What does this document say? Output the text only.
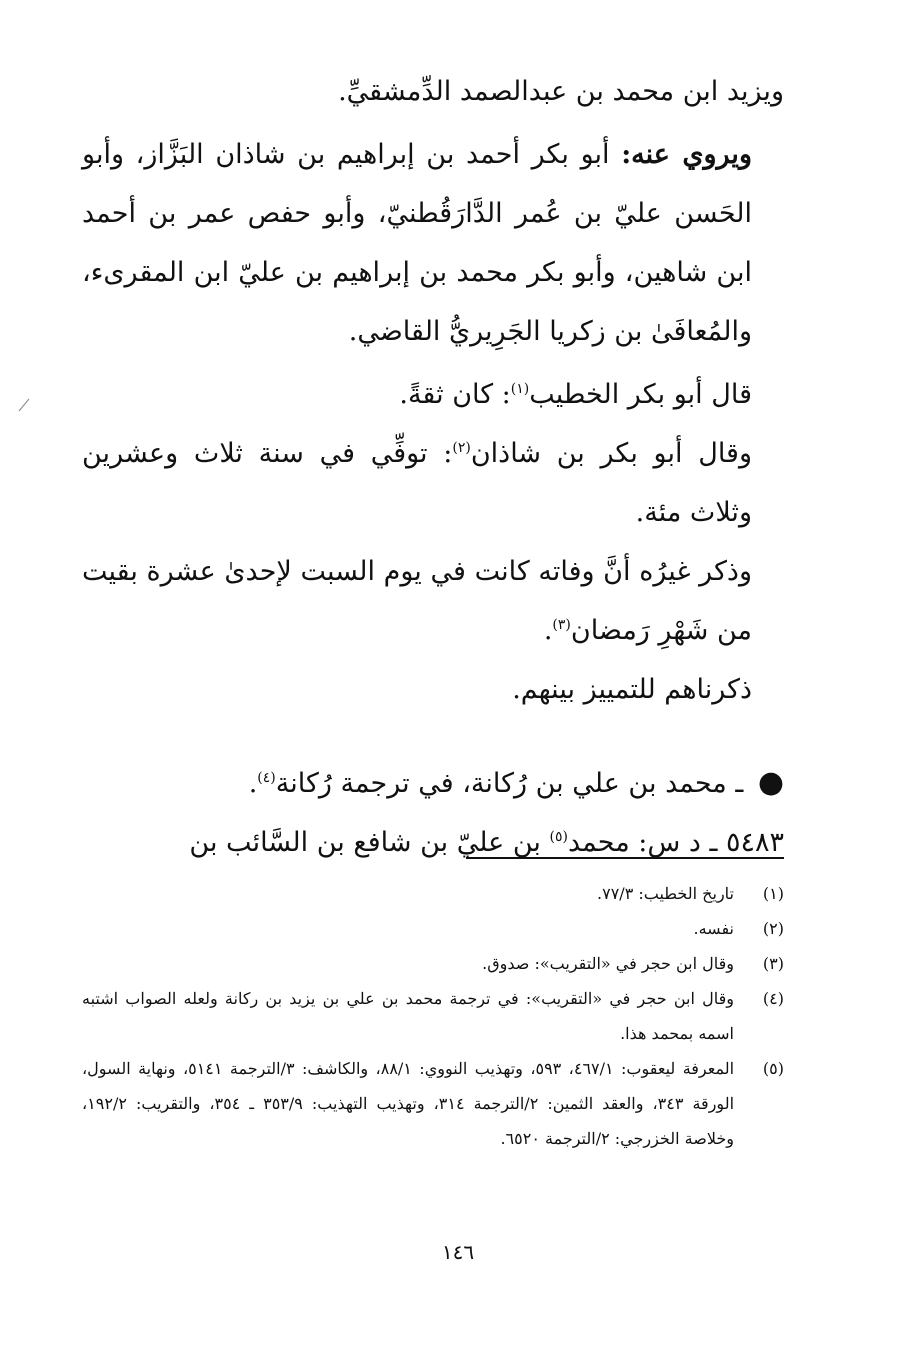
ويزيد ابن محمد بن عبدالصمد الدِّمشقيِّ.

ويروي عنه: أبو بكر أحمد بن إبراهيم بن شاذان البَزَّاز، وأبو الحَسن عليّ بن عُمر الدَّارَقُطنيّ، وأبو حفص عمر بن أحمد ابن شاهين، وأبو بكر محمد بن إبراهيم بن عليّ ابن المقرىء، والمُعافَىٰ بن زكريا الجَرِيريُّ القاضي.

قال أبو بكر الخطيب$^{(١)}$: كان ثقةً.

وقال أبو بكر بن شاذان$^{(٢)}$: توفِّي في سنة ثلاث وعشرين وثلاث مئة.

وذكر غيرُه أنَّ وفاته كانت في يوم السبت لإحدىٰ عشرة بقيت من شَهْرِ رَمضان$^{(٣)}$.

ذكرناهم للتمييز بينهم.

● ـ محمد بن علي بن رُكانة، في ترجمة رُكانة$^{(٤)}$.

٥٤٨٣ ـ د س: محمد$^{(٥)}$ بن عليّ بن شافع بن السَّائب بن

(١)
تاريخ الخطيب: ٧٧/٣.
(٢)
نفسه.
(٣)
وقال ابن حجر في «التقريب»: صدوق.
(٤)
وقال ابن حجر في «التقريب»: في ترجمة محمد بن علي بن يزيد بن ركانة ولعله الصواب اشتبه اسمه بمحمد هذا.
(٥)
المعرفة ليعقوب: ٤٦٧/١، ٥٩٣، وتهذيب النووي: ٨٨/١، والكاشف: ٣/الترجمة ٥١٤١، ونهاية السول، الورقة ٣٤٣، والعقد الثمين: ٢/الترجمة ٣١٤، وتهذيب التهذيب: ٣٥٣/٩ ـ ٣٥٤، والتقريب: ١٩٢/٢، وخلاصة الخزرجي: ٢/الترجمة ٦٥٢٠.
١٤٦
